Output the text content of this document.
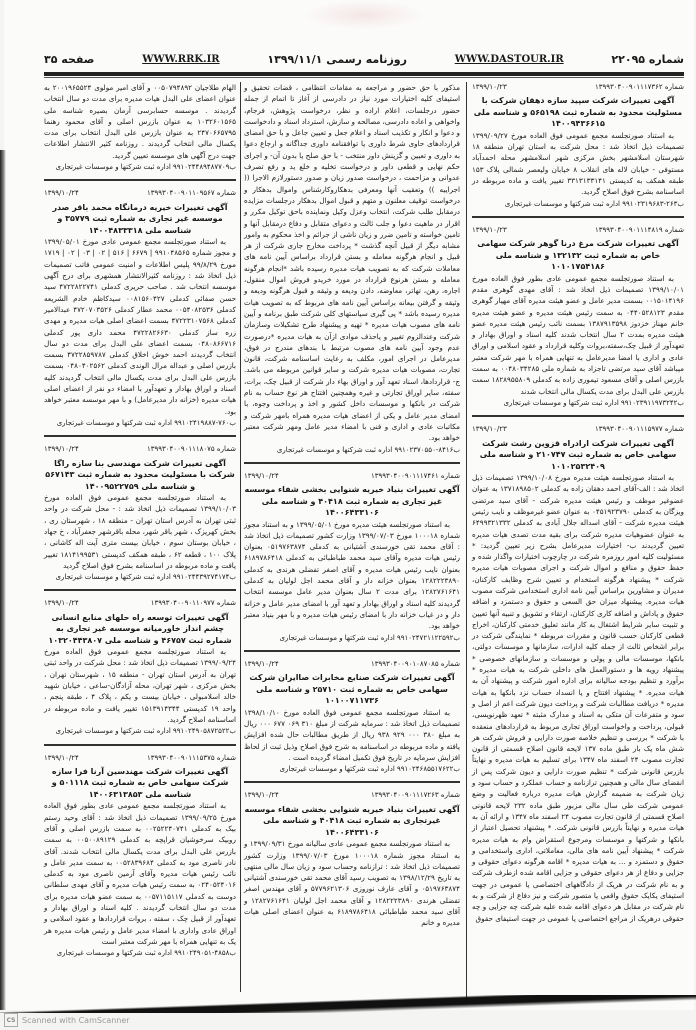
صفحه ۳۵	WWW.RRK.IR	روزنامه رسمی ۱۳۹۹/۱۱/۱	WWW.DASTOUR.IR	شماره ۲۲۰۹۵
شماره ۱۳۹۹۳۰۴۰۰۹۰۱۱۱۷۳۶۲
۱۳۹۹/۱۰/۲۳
آگهی تغییرات شرکت سپید سازه دهقان شرکت با مسئولیت محدود به شماره ثبت ۵۶۵۱۹۸ و شناسه ملی ۱۴۰۰۹۴۳۶۶۱۵
به استناد صورتجلسه مجمع عمومی فوق العاده مورخ ۱۳۹۹/۰۹/۲۷ تصمیمات ذیل اتخاذ شد : محل شرکت به استان تهران منطقه ۱۸ شهرستان اسلامشهر بخش مرکزی شهر اسلامشهر محله احمدآباد مستوفی - خیابان لاله های انقلاب ۸ خیابان ولیعصر شمالی پلاک ۱۵۳ طبقه همکف به کدپستی ۳۳۱۳۱۳۳۱۴۱ تغییر یافت و ماده مربوطه در اساسنامه بشرح فوق اصلاح گردید.
ب۲۶۳-۹۹۱۰۲۳۱۹۶۸۳ اداره ثبت شرکتها و موسسات غیرتجاری
شماره ۱۳۹۹۳۰۴۰۰۹۰۱۱۱۴۸۱۹
۱۳۹۹/۱۰/۲۳
آگهی تغییرات شرکت مرغ درنا گوهر شرکت سهامی خاص به شماره ثبت ۱۳۲۱۳۲ و شناسه ملی ۱۰۱۰۱۷۵۴۱۸۶
به استناد صورتجلسه مجمع عمومی عادی بطور فوق العاده مورخ ۱۳۹۹/۱۰/۰۱ تصمیمات ذیل اتخاذ شد : آقای مهدی گوهری مقدم ۰۰۱۵۰۱۴۱۹۶ بسمت مدیر عامل و عضو هیئت مدیره آقای مهیار گوهری مقدم ۰۴۴۰۵۲۸۱۲۳ به سمت رئیس هیئت مدیره و عضو هیئت مدیره خانم مهناز خزدوز ۱۳۸۷۹۱۳۵۹۸ بسمت نائب رئیس هیئت مدیره عضو هیئت مدیره بمدت ۲ سال انتخاب شدند کلیه اسناد و اوراق بهادار و تعهدآور از قبیل چک،سفته،بروات وکلیه قرارداد و عقود اسلامی و اوراق عادی و اداری با امضا مدیرعامل به تنهایی همراه با مهر شرکت معتبر میباشد آقای سید مرتضی تاجزاد به شماره ملی ۰۰۴۸۰۳۴۲۸۵ به سمت بازرس اصلی و آقای مسعود تیموری زاده به کدملی ۱۸۲۸۹۵۵۸۰۹ سمت بازرس علی البدل برای مدت یکسال مالی انتخاب شدند
ب۹۹۱۰۲۳۹۱۱۹۷۳۲۴۲ اداره ثبت شرکتها و موسسات غیرتجاری
شماره ۱۳۹۹۳۰۴۰۰۹۰۱۱۱۵۹۷۷
۱۳۹۹/۱۰/۲۳
آگهی تغییرات شرکت ارادراه قزوین رشت شرکت سهامی خاص به شماره ثبت ۲۱۰۷۴۷ و شناسه ملی ۱۰۱۰۲۵۳۲۴۰۹
به استناد صورتجلسه هیئت مدیره مورخ ۱۳۹۹/۱۰/۰۸ تصمیمات ذیل اتخاذ شد : الف-آقای احمد دهقان زاده به کدملی ۱۳۷۱۸۹۸۵۰۲ به عنوان عضوغیر موظف و رئیس هیئت مدیره شرکت - آقای سید مرتضی ویزگان به کدملی ۰۴۵۱۹۲۳۷۹۰ به عنوان عضو غیرموظف و نایب رئیس هیئت مدیره شرکت - آقای اسداله جلال آبادی به کدملی ۶۴۹۹۳۲۱۳۳۲ به عنوان عضوهیات مدیره شرکت برای بقیه مدت تصدی هیات مدیره تعیین گردیدند ب- اختیارات مدیرعامل بشرح زیر تعیین گردید: * مسئولیت کلیه امور روزمره شرکت در چارچوب اختیارات واگذار شده و حفظ حقوق و منافع و اموال شرکت و اجرای مصوبات هیات مدیره شرکت * پیشنهاد هرگونه استخدام و تعیین شرح وظایف کارکنان، مدیران و مشاورین براساس آیین نامه اداری استخدامی شرکت مصوب هیات مدیره. پیشنهاد میزان حق السعی و حقوق و دستمزد و اضافه حقوق و پاداش و اضافه کاری کارکنان، ارتقاء و تشویق و تنبیه آنها تعیین و تثبیت سایر شرایط اشتغال به کار مانند تعلیق خدمتی کارکنان، اخراج قطعی کارکنان حسب قانون و مقررات مربوطه * نمایندگی شرکت در برابر اشخاص ثالث از جمله کلیه ادارات، سازمانها و موسسات دولتی، بانکها، موسسات مالی و پولی و موسسات و سازمانهای خصوصی * پیشنهاد رویه ها و دستورالعمل های داخلی شرکت به هیات مدیره * برآورد و تنظیم بودجه سالیانه برای اداره امور شرکت و پیشنهاد آن به هیات مدیره. * پیشنهاد افتتاح و یا انسداد حساب نزد بانکها به هیات مدیره * دریافت مطالبات شرکت و پرداخت دیون شرکت اعم از اصل و سود و متفرعات آن متکی به اسناد و مدارک مثبته * تعهد ظهرنویسی، قبولی، پرداخت و واخواست اوراق تجاری مربوط به قراردادهای منعقده با شرکت * بررسی و تنظیم خلاصه صورت دارایی و فروش شرکت هر شش ماه یک بار طبق ماده ۱۳۷ لایحه قانون اصلاح قسمتی از قانون تجارت مصوب ۲۴ اسفند ماه ۱۳۴۷ برای تسلیم به هیات مدیره و نهایتاً بازرس قانونی شرکت * تنظیم صورت دارایی و دیون شرکت پس از انقضای سال مالی و همچنین ترازنامه و حساب عملکرد و حساب سود و زیان شرکت به ضمیمه گزارش هیات مدیره درباره فعالیت و وضع عمومی شرکت طی سال مالی مزبور طبق ماده ۲۳۲ لایحه قانونی اصلاح قسمتی از قانون تجارت مصوب ۲۴ اسفند ماه ۱۳۴۷ و ارائه آن به هیات مدیره و نهایتاً بازرس قانونی شرکت. * پیشنهاد تحصیل اعتبار از بانکها و شرکتها و موسسات ومرجوع استقراض وام به هیات مدیره شرکت * پیشنهاد آیین نامه های مالی، معاملاتی، اداری واستخدامی و حقوق و دستمزد و ... به هیات مدیره * اقامه هرگونه دعوای حقوقی و جزایی و دفاع از هر دعوای حقوقی و جزایی اقامه شده ازطرف شرکت و به نام شرکت در هریک از دادگاههای اختصاصی یا عمومی در جهت استیفای یکایک حقوق واقعی یا متصور شرکت و نیز دفاع از شرکت و به نام شرکت در مقابل هر دعوای اقامه شده علیه شرکت چه جزایی و چه حقوقی درهریک از مراجع اختصاصی یا عمومی در جهت استیفای حقوق
مذکور با حق حضور و مراجعه به مقامات انتظامی ، قضات تحقیق و استیفای کلیه اختیارات مورد نیاز در دادرسی از آغاز تا اتمام از جمله حضور درجلسات، اعلام اراده و نظر، درخواست پژوهش، فرجام، واخواهی و اعاده دادرسی، مصالحه و سازش، استرداد اسناد و دادخواست و دعوا و انکار و تکذیب اسناد و اعلام جعل و تعیین جاعل و با حق امضای قراردادهای حاوی شرط داوری یا توافقنامه داوری جداگانه و ارجاع دعوا به داوری و تعیین و گزینش داور منتخب - با حق صلح یا بدون آن- و اجرای حکم نهایی و قطعی داور و درخواست تخلیه و خلع ید و رفع تصرف عدوانی و مزاحمت ، درخواست صدور زیان و صدور دستورلازم الاجرا (( اجراییه )) وتعقیب آنها ومعرفی بدهکاروکارشناس واموال بدهکار و درخواست توقیف معلنون و متهم و قبول اموال بدهکار درجلسات مزایده درمقابل طلب شرکت، انتخاب وعزل وکیل ونماینده باحق توکیل مکرر و اقرار در ماهیت دعوا و جلب ثالث و دعوای متقابل و دفاع درمقابل آنها و تامین خواسته و تامین ضرر و زیان ناشی از جرائم و اخذ محکوم به وامور مشابه دیگر از قبیل آنچه گذشت * پرداخت مخارج جاری شرکت از هر قبیل و انجام هرگونه معامله و بستن قرارداد براساس آیین نامه های معاملات شرکت که به تصویب هیات مدیره رسیده باشد *انجام هرگونه معامله و بستن هرنوع قرارداد در مورد خریدو فروش اموال منقول، اجاره، رهن، تهاتر، معاوضه، دادن ودیعه و وثیقه و قبول هرگونه ودیعه و وثیقه و گرفتن بیعانه براساس آیین نامه های مربوط که به تصویب هیات مدیره رسیده باشد * پی گیری سیاستهای کلی شرکت طبق برنامه و آیین نامه های مصوب هیات مدیره * تهیه و پیشنهاد طرح تشکیلات وسازمان شرکت وعندالزوم تغییر و یاحذف موادی ازآن به هیات مدیره *درصورت عدم وجود آیین نامه های مصوب مرتبط با بندهای مندرج در فوق، مدیرعامل در اجرای امور، مکلف به رعایت اساسنامه شرکت، قانون تجارت، مصوبات هیات مدیره شرکت و سایر قوانین مربوطه می باشد. ج- قراردادها، اسناد تعهد آور و اوراق بهاء دار شرکت از قبیل چک، برات، سفته، سایر اوراق تجارتی و غیره وهمچنین افتتاح هر نوع حساب به نام شرکت در بانکها و موسسات داخل کشور و اخذ و پرداخت وجوه، با امضای مدیر عامل و یکی از اعضای هیات مدیره همراه بامهر شرکت و مکاتبات عادی و اداری و فنی با امضاء مدیر عامل ومهر شرکت معتبر خواهد بود.
ب۸۴۱۶-۹۹۱۰۲۳۷۰۵۵۰ اداره ثبت شرکتها و موسسات غیرتجاری
شماره ۱۳۹۹۳۰۴۰۰۹۰۱۱۱۷۴۶۱
۱۳۹۹/۱۰/۲۴
آگهی تغییرات بنیاد خیریه شنوایی بخشی شفاء موسسه غیر تجاری به شماره ثبت ۴۰۴۱۸ و شناسه ملی ۱۴۰۰۶۴۳۳۱۰۶
به استناد صورتجلسه هیئت مدیره مورخ ۱۳۹۹/۰۵/۰۱ و به استناد مجوز شماره ۱۰۰۰۱۸ مورخ ۱۳۹۹/۰۷/۰۳ وزارت کشور تصمیمات ذیل اتخاذ شد : آقای محمد تقی خورسندی آشتیانی به کدملی ۰۵۱۹۷۶۳۸۷۴ بعنوان رئیس هیات مدیره وآقای سید محمد طباطبائی به کدملی ۶۱۸۹۷۸۶۴۱۸ بعنوان نایب رئیس هیات مدیره و آقای اصغر تفضلی هرندی به کدملی ۱۲۸۲۲۲۳۸۹۰ بعنوان خزانه دار و آقای محمد اجل لولیان به کدملی ۱۲۸۲۷۶۱۶۴۱ برای مدت ۲ سال بعنوان مدیر عامل موسسه انتخاب گردیدند کلیه اسناد و اوراق بهادار و تعهد آور با امضای مدیر عامل و خزانه دار و در غیاب خزانه دار با امضای رئیس هیات مدیره و با مهر بنیاد معتبر خواهد بود.
ب۹۹۱۰۲۴۷۲۱۱۲۲۵۹۲ اداره ثبت شرکتها و موسسات غیرتجاری
شماره ۱۳۹۹۳۰۴۰۰۹۰۱۰۸۷۰۸۵
۱۳۹۹/۱۰/۲۴
آگهی تغییرات شرکت صنایع مخابرات صاایران شرکت سهامی خاص به شماره ثبت ۲۵۷۱۰ و شناسه ملی ۱۰۱۰۰۷۱۱۷۳۶
به استناد صورتجلسه مجمع عمومی فوق العاده مورخ ۱۳۹۸/۱۰/۱۰ تصمیمات ذیل اتخاذ شد : سرمایه شرکت از مبلغ ۳۱۰ ۰۶۹ ۶۷۷ ۰۰۰ ریال به مبلغ ۳۸۰ ۰۰۰ ۹۲۹ ۹۳۸ ریال از طریق مطالبات حال شده افزایش یافته و ماده مربوطه در اساسنامه به شرح فوق اصلاح وذیل ثبت از لحاظ افزایش سرمایه در تاریخ فوق تکمیل امضاء گردیده است .
ب۹۹۱۰۲۴۶۸۵۵۱۷۶۲۲ اداره ثبت شرکتها و موسسات غیرتجاری
شماره ۱۳۹۹۳۰۴۰۰۹۰۱۱۱۷۲۶۳
۱۳۹۹/۱۰/۲۴
آگهی تغییرات بنیاد خیریه شنوایی بخشی شفاء موسسه غیرتجاری به شماره ثبت ۴۰۴۱۸ و شناسه ملی ۱۴۰۰۶۴۳۳۱۰۶
به استناد صورتجلسه مجمع عمومی عادی سالیانه مورخ ۱۳۹۹/۰۹/۳۱ و به استناد مجوز شماره ۱۰۰۰۱۸ مورخ ۱۳۹۹/۰۷/۰۳ وزارت کشور تصمیمات ذیل اتخاذ شد : ترازنامه وحساب سود و زیان سال مالی منتهی به تاریخ ۱۳۹۸/۱۲/۲۹ به تصویب رسید آقای محمد تقی خورسندی آشتیانی ۰۵۱۹۷۶۳۸۷۴ و آقای عارف نوروزی ۵۷۷۹۶۲۱۳۰۶ و آقای مهندس اصغر تفضلی هرندی ۱۲۸۲۲۲۳۸۹۰ و آقای محمد اجل لولیان ۱۲۸۲۷۶۱۶۴۱ و آقای سید محمد طباطبائی ۶۱۸۹۷۸۶۴۱۸ به عنوان اعضای اصلی هیات مدیره و خانم
الهام طلاجیان ۰۰۵۰۷۹۴۸۹۲ و آقای امیر مولوی ۲۰۰۱۹۶۵۵۲۴ به عنوان اعضای علی البدل هیات مدیره برای مدت دو سال انتخاب گردیدند . موسسه حسابرسی آرمان بصیره شناسه ملی ۱۰۳۲۶۰۱۵۶۵ به عنوان بازرس اصلی و آقای محمود رهنما ۲۴۷۰۶۶۵۷۹۵ به عنوان بازرس علی البدل انتخاب برای مدت یکسال مالی انتخاب گردیدند . روزنامه کثیر الانتشار اطلاعات جهت درج آگهی های موسسه تعیین گردید.
ب۹۹۱۰۲۴۴۸۹۴۸۷۷۰۹ اداره ثبت شرکتها و موسسات غیرتجاری
شماره ۱۳۹۹۳۰۴۰۰۹۰۱۱۰۹۵۶۷
۱۳۹۹/۱۰/۲۴
آگهی تغییرات خیریه درمانگاه محمد باقر صدر موسسه غیر تجاری به شماره ثبت ۳۵۷۷۹ و شناسه ملی ۱۴۰۰۴۸۳۳۳۱۸
به استناد صورتجلسه مجمع عمومی عادی مورخ ۱۳۹۹/۰۵/۰۱ و مجوز شماره ۹۹۱۰۴۸۵۶۵ | ۶۶۷۹ | ۵۱۶ | ۰۲ | ۰۳ | ۰۲ | ۱۷۱۹ مورخ ۹۹/۸/۲۹ پلیس اطلاعات و امنیت عمومی فاتب تصمیمات ذیل اتخاذ شد : روزنامه کثیرالانتشار همشهری برای درج آگهی موسسه انتخاب شد . صاحب حریری کدملی ۴۷۲۲۸۲۲۷۴۱ سید حسن صفائی کدملی ۰۰۸۱۵۶۰۴۲۷ سیدکاظم خادم الشریعه کدملی ۰۰۵۴۰۸۲۵۳۶ محمد عطار کدملی ۴۷۲۰۷۰۳۵۲۶ عبدالامیر کدملی ۴۷۲۲۳۱۰۷۵۶۸ بسمت اعضای اصلی هیات مدیره و مهدی زره ساز کدملی ۴۷۲۲۸۲۶۶۳۰ محمد داری پور کدملی ۰۴۸۰۸۶۶۷۱۶ بسمت اعضای علی البدل برای مدت دو سال انتخاب گردیدند احمد خوش اخلاق کدملی ۴۷۲۲۸۵۹۷۸۷ بسمت بازرس اصلی و عبداله مرال الوندی کدملی ۰۴۸۰۴۰۲۵۶۲ بسمت بازرس علی البدل برای مدت یکسال مالی انتخاب گردیدند کلیه اسناد و اوراق بهادار و تعهدآور با امضاء دو نفر از اعضای اصلی هیات مدیره (خزانه دار مدیرعامل) و با مهر موسسه معتبر خواهد بود.
ب۷۶۰-۹۹۱۰۲۴۱۹۸۸۷ اداره ثبت شرکتها و موسسات غیرتجاری
شماره ۱۳۹۹۳۰۴۰۰۹۰۱۱۱۸۰۷۵
۱۳۹۹/۱۰/۲۴
آگهی تغییرات شرکت مهندسی بنا سازه راگا شرکت با مسئولیت محدود به شماره ثبت ۵۶۷۱۴۳ و شناسه ملی ۱۴۰۰۹۵۲۲۷۵۹
به استناد صورتجلسه مجمع عمومی فوق العاده مورخ ۱۳۹۹/۱۰/۰۳ تصمیمات ذیل اتخاذ شد : - محل شرکت در واحد ثبتی تهران به آدرس استان تهران - منطقه ۱۸ ، شهرستان ری ، بخش کهریزک ، شهر باقر شهر، محله باقرشهر جعفرآباد ، خ جهاد ، خیابان بوستان سوم ، خیابان بیست متری آیت اله کاشانی ، پلاک ۱۰۰ ، قطعه ۶۲ ، طبقه همکف کدپستی ۱۸۱۴۱۹۹۵۳۱ تغییر یافت و ماده مربوطه در اساسنامه بشرح فوق اصلاح گردید
ب۹۹۱۰۲۴۴۳۹۲۷۴۱۷۴ اداره ثبت شرکتها و موسسات غیرتجاری
شماره ۱۳۹۹۳۰۴۰۰۹۰۱۱۰۹۷۷
۱۳۹۹/۱۰/۲۴
آگهی تغییرات توسعه راه حلهای منابع انسانی چشم انداز خاورمیانه موسسه غیر تجاری به شماره ثبت ۴۶۷۵۷ و شناسه ملی ۱۰۳۲۰۴۴۳۸۰۷
به استناد صورتجلسه مجمع عمومی فوق العاده مورخ ۱۳۹۹/۰۹/۲۴ تصمیمات ذیل اتخاذ شد : محل شرکت در واحد ثبتی تهران به آدرس استان تهران - منطقه ۱۵ ، شهرستان تهران ، بخش مرکزی ، شهر تهران، محله آزادگان-ساعی ، خیابان شهید خالد اسلامبولی ، خیابان بیست و یکم ، پلاک ۴ ، طبقه پنجم ، واحد ۱۹ کدپستی ۱۵۱۳۹۱۴۳۴۴ تغییر یافت و ماده مربوطه در اساسنامه اصلاح گردید.
ب۹۹۱۰۲۴۹۰۵۸۷۲۵۲۲ اداره ثبت شرکتها و موسسات غیرتجاری
شماره ۱۳۹۹۳۰۴۰۰۹۰۱۱۱۵۳۷۵
۱۳۹۹/۱۰/۲۴
آگهی تغییرات شرکت مهندسین آرنا فرا سازه شرکت سهامی خاص به شماره ثبت ۵۰۱۱۱۸ و شناسه ملی ۱۴۰۰۶۳۱۳۸۵۳
به استناد صورتجلسه مجمع عمومی عادی بطور فوق العاده مورخ ۱۳۹۹/۰۹/۲۵ تصمیمات ذیل اتخاذ شد : آقای وحید رستم بیک به کدملی ۰۰۲۵۲۲۴۰۷۴۱ به سمت بازرس اصلی و آقای روبیک سرخوشیان قراپچه به کدملی ۰۰۵۰۰۸۹۱۲۹ به سمت بازرس علی البدل برای مدت یکسال مالی انتخاب شدند. آقای نادر ناصری مود به کدملی ۰۰۵۲۸۳۹۶۸۴ به سمت مدیر عامل و نائب رئیس هیات مدیره وآقای آرمین ناصری مود به کدملی ۰۲۴۰۵۲۴۰۱۶ به سمت رئیس هیات مدیره و آقای مهدی سلطانی دوست به کدملی ۰۰۵۷۱۱۵۱۱۷ به سمت عضو هیات مدیره برای مدت دو سال انتخاب گردیدند . کلیه اسناد و اوراق بهادار و تعهدآور از قبیل چک ، سفته ، بروات قراردادها و عقود اسلامی و اوراق عادی واداری با امضاء مدیر عامل و رئیس هیات مدیره هر یک به تنهایی همراه با مهر شرکت معتبر است
ب۴۸۵۸-۹۹۱۰۲۴۹۰۵۱ اداره ثبت شرکتها و موسسات غیرتجاری
CS Scanned with CamScanner
